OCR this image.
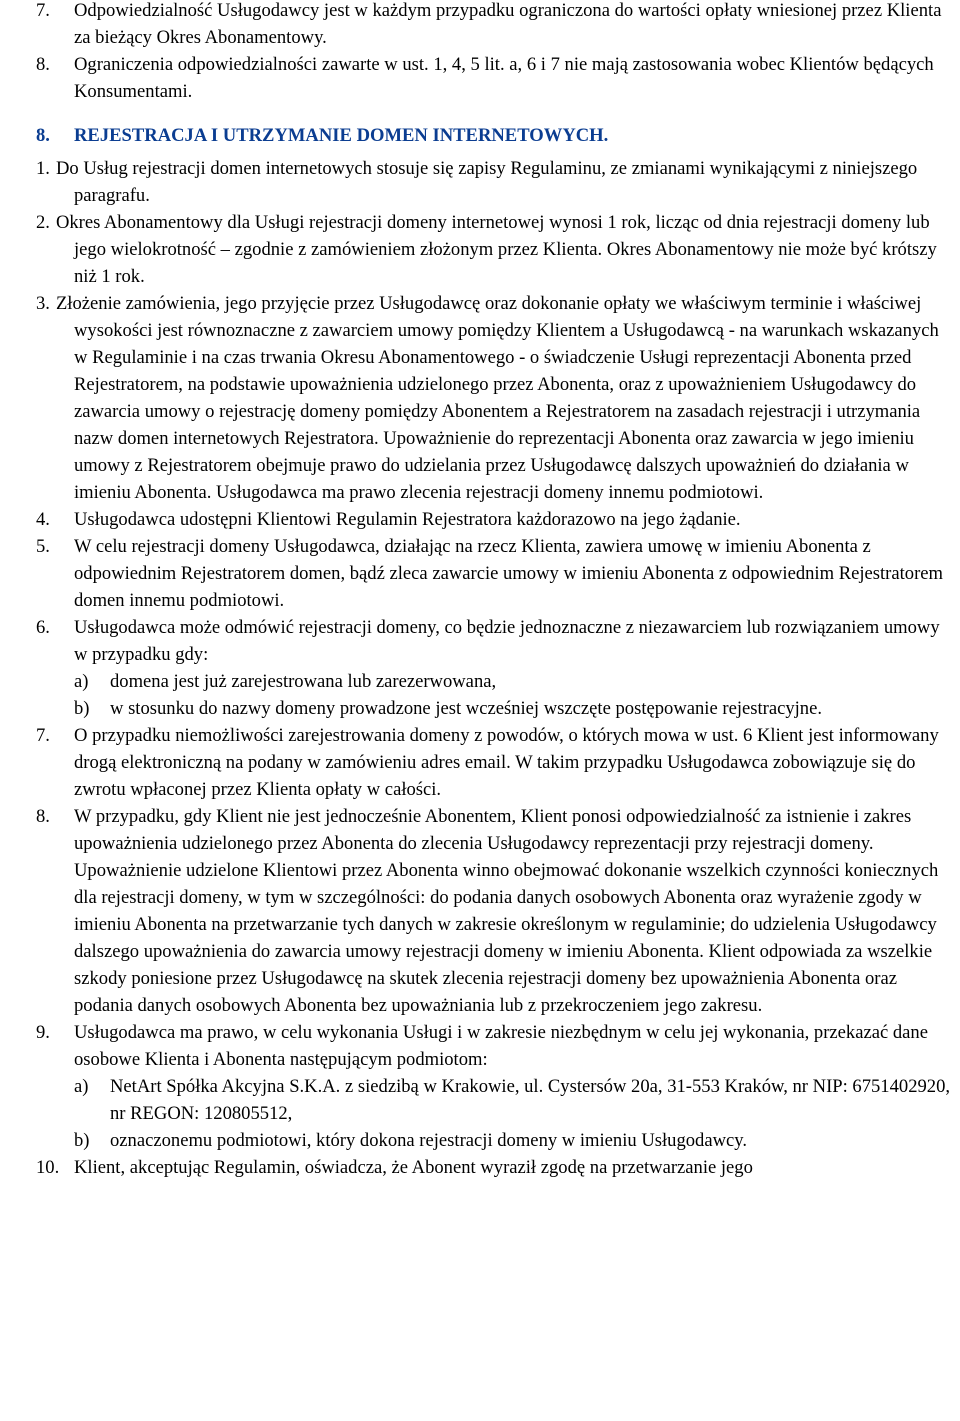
7.	Odpowiedzialność Usługodawcy jest w każdym przypadku ograniczona do wartości opłaty wniesionej przez Klienta za bieżący Okres Abonamentowy.
8.	Ograniczenia odpowiedzialności zawarte w ust. 1, 4, 5 lit. a, 6 i 7 nie mają zastosowania wobec Klientów będących Konsumentami.
8.	REJESTRACJA I UTRZYMANIE DOMEN INTERNETOWYCH.
1. Do Usług rejestracji domen internetowych stosuje się zapisy Regulaminu, ze zmianami wynikającymi z niniejszego paragrafu.
2. Okres Abonamentowy dla Usługi rejestracji domeny internetowej wynosi 1 rok, licząc od dnia rejestracji domeny lub jego wielokrotność – zgodnie z zamówieniem złożonym przez Klienta. Okres Abonamentowy nie może być krótszy niż 1 rok.
3. Złożenie zamówienia, jego przyjęcie przez Usługodawcę oraz dokonanie opłaty we właściwym terminie i właściwej wysokości jest równoznaczne z zawarciem umowy pomiędzy Klientem a Usługodawcą - na warunkach wskazanych w Regulaminie i na czas trwania Okresu Abonamentowego - o świadczenie Usługi reprezentacji Abonenta przed Rejestratorem, na podstawie upoważnienia udzielonego przez Abonenta, oraz z upoważnieniem Usługodawcy do zawarcia umowy o rejestrację domeny pomiędzy Abonentem a Rejestratorem na zasadach rejestracji i utrzymania nazw domen internetowych Rejestratora. Upoważnienie do reprezentacji Abonenta oraz zawarcia w jego imieniu umowy z Rejestratorem obejmuje prawo do udzielania przez Usługodawcę dalszych upoważnień do działania w imieniu Abonenta. Usługodawca ma prawo zlecenia rejestracji domeny innemu podmiotowi.
4.	Usługodawca udostępni Klientowi Regulamin Rejestratora każdorazowo na jego żądanie.
5.	W celu rejestracji domeny Usługodawca, działając na rzecz Klienta, zawiera umowę w imieniu Abonenta z odpowiednim Rejestratorem domen, bądź zleca zawarcie umowy w imieniu Abonenta z odpowiednim Rejestratorem domen innemu podmiotowi.
6.	Usługodawca może odmówić rejestracji domeny, co będzie jednoznaczne z niezawarciem lub rozwiązaniem umowy w przypadku gdy:
a)	domena jest już zarejestrowana lub zarezerwowana,
b)	w stosunku do nazwy domeny prowadzone jest wcześniej wszczęte postępowanie rejestracyjne.
7.	O przypadku niemożliwości zarejestrowania domeny z powodów, o których mowa w ust. 6 Klient jest informowany drogą elektroniczną na podany w zamówieniu adres email. W takim przypadku Usługodawca zobowiązuje się do zwrotu wpłaconej przez Klienta opłaty w całości.
8.	W przypadku, gdy Klient nie jest jednocześnie Abonentem, Klient ponosi odpowiedzialność za istnienie i zakres upoważnienia udzielonego przez Abonenta do zlecenia Usługodawcy reprezentacji przy rejestracji domeny. Upoważnienie udzielone Klientowi przez Abonenta winno obejmować dokonanie wszelkich czynności koniecznych dla rejestracji domeny, w tym w szczególności: do podania danych osobowych Abonenta oraz wyrażenie zgody w imieniu Abonenta na przetwarzanie tych danych w zakresie określonym w regulaminie; do udzielenia Usługodawcy dalszego upoważnienia do zawarcia umowy rejestracji domeny w imieniu Abonenta. Klient odpowiada za wszelkie szkody poniesione przez Usługodawcę na skutek zlecenia rejestracji domeny bez upoważnienia Abonenta oraz podania danych osobowych Abonenta bez upoważniania lub z przekroczeniem jego zakresu.
9.	Usługodawca ma prawo, w celu wykonania Usługi i w zakresie niezbędnym w celu jej wykonania, przekazać dane osobowe Klienta i Abonenta następującym podmiotom:
a)	NetArt Spółka Akcyjna S.K.A. z siedzibą w Krakowie, ul. Cystersów 20a, 31-553 Kraków, nr NIP: 6751402920, nr REGON: 120805512,
b)	oznaczonemu podmiotowi, który dokona rejestracji domeny w imieniu Usługodawcy.
10. Klient, akceptując Regulamin, oświadcza, że Abonent wyraził zgodę na przetwarzanie jego
